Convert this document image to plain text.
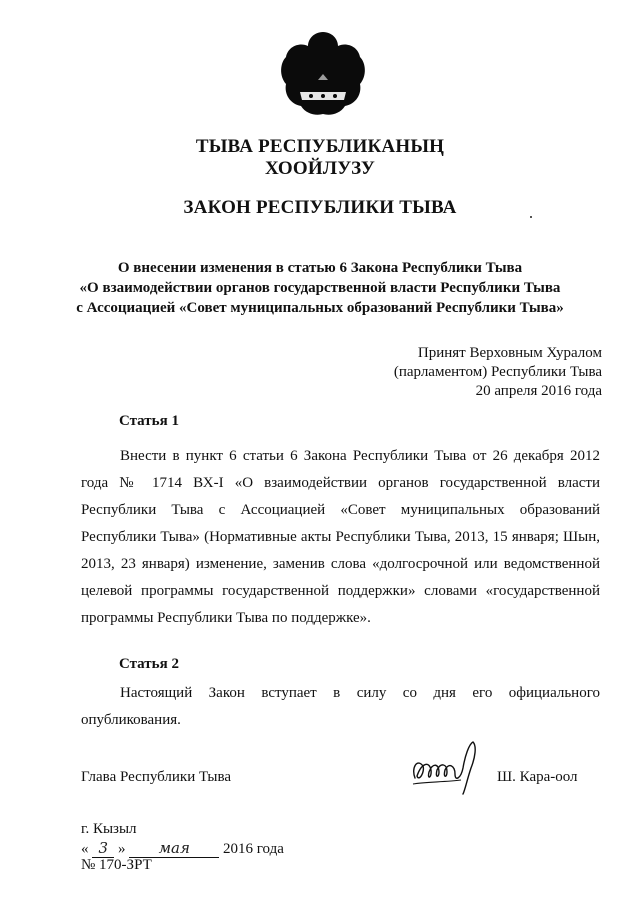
ТЫВА РЕСПУБЛИКАНЫҢ
ХООЙЛУЗУ
ЗАКОН РЕСПУБЛИКИ ТЫВА
О внесении изменения в статью 6 Закона Республики Тыва
«О взаимодействии органов государственной власти Республики Тыва
с Ассоциацией «Совет муниципальных образований Республики Тыва»
Принят Верховным Хуралом
(парламентом) Республики Тыва
20 апреля 2016 года
Статья 1

Внести в пункт 6 статьи 6 Закона Республики Тыва от 26 декабря 2012 года № 1714 ВХ-I «О взаимодействии органов государственной власти Республики Тыва с Ассоциацией «Совет муниципальных образований Республики Тыва» (Нормативные акты Республики Тыва, 2013, 15 января; Шын, 2013, 23 января) изменение, заменив слова «долгосрочной или ведомственной целевой программы государственной поддержки» словами «государственной программы Республики Тыва по поддержке».

Статья 2

Настоящий Закон вступает в силу со дня его официального опубликования.

Глава Республики Тыва	Ш. Кара-оол
г. Кызыл
« 3 » мая 2016 года
№ 170-ЗРТ
